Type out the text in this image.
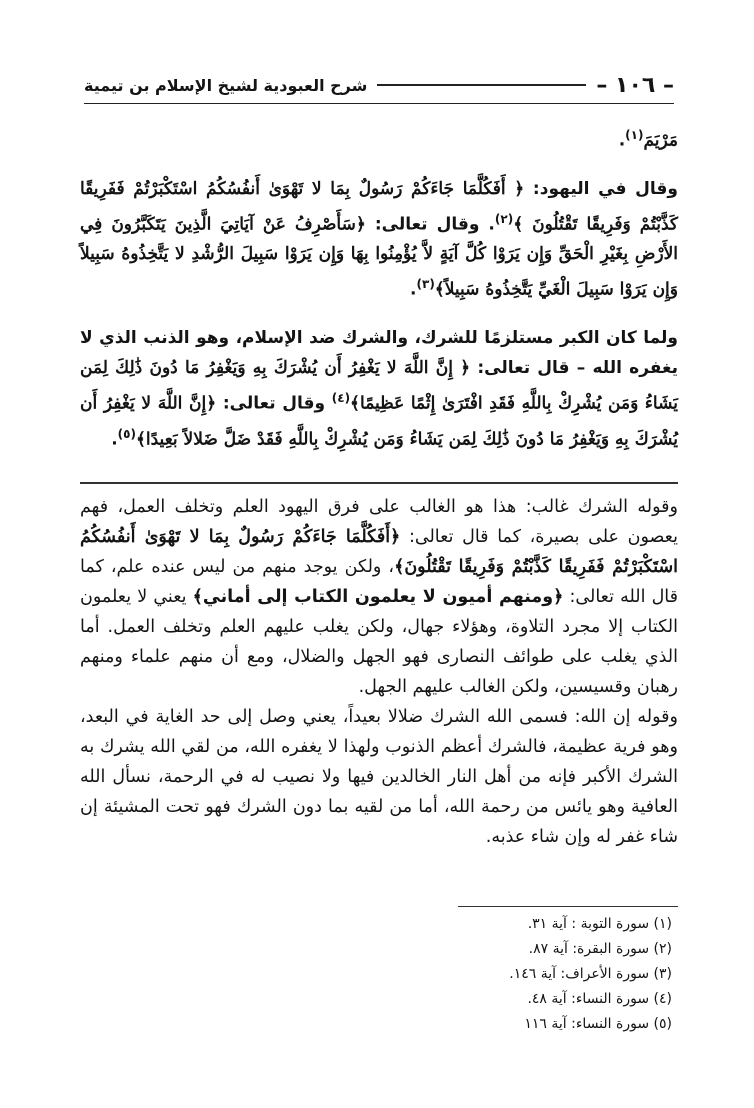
– ١٠٦ –
شرح العبودية لشيخ الإسلام بن تيمية

مَرْيَمَ$^{(١)}$.

وقال في اليهود: ﴿ أَفَكُلَّمَا جَاءَكُمْ رَسُولٌ بِمَا لا تَهْوَىٰ أَنفُسُكُمُ اسْتَكْبَرْتُمْ فَفَرِيقًا كَذَّبْتُمْ وَفَرِيقًا تَقْتُلُونَ ﴾$^{(٢)}$. وقال تعالى: ﴿سَأَصْرِفُ عَنْ آيَاتِيَ الَّذِينَ يَتَكَبَّرُونَ فِي الأَرْضِ بِغَيْرِ الْحَقِّ وَإِن يَرَوْا كُلَّ آيَةٍ لاَّ يُؤْمِنُوا بِهَا وَإِن يَرَوْا سَبِيلَ الرُّشْدِ لا يَتَّخِذُوهُ سَبِيلاً وَإِن يَرَوْا سَبِيلَ الْغَيِّ يَتَّخِذُوهُ سَبِيلاً﴾$^{(٣)}$.

ولما كان الكبر مستلزمًا للشرك، والشرك ضد الإسلام، وهو الذنب الذي لا يغفره الله – قال تعالى: ﴿ إِنَّ اللَّهَ لا يَغْفِرُ أَن يُشْرَكَ بِهِ وَيَغْفِرُ مَا دُونَ ذَٰلِكَ لِمَن يَشَاءُ وَمَن يُشْرِكْ بِاللَّهِ فَقَدِ افْتَرَىٰ إِثْمًا عَظِيمًا﴾$^{(٤)}$ وقال تعالى: ﴿إِنَّ اللَّهَ لا يَغْفِرُ أَن يُشْرَكَ بِهِ وَيَغْفِرُ مَا دُونَ ذَٰلِكَ لِمَن يَشَاءُ وَمَن يُشْرِكْ بِاللَّهِ فَقَدْ ضَلَّ ضَلالاً بَعِيدًا﴾$^{(٥)}$.

وقوله الشرك غالب: هذا هو الغالب على فرق اليهود العلم وتخلف العمل، فهم يعصون على بصيرة، كما قال تعالى: ﴿أَفَكُلَّمَا جَاءَكُمْ رَسُولٌ بِمَا لا تَهْوَىٰ أَنفُسُكُمُ اسْتَكْبَرْتُمْ فَفَرِيقًا كَذَّبْتُمْ وَفَرِيقًا تَقْتُلُونَ﴾، ولكن يوجد منهم من ليس عنده علم، كما قال الله تعالى: ﴿ومنهم أميون لا يعلمون الكتاب إلى أماني﴾ يعني لا يعلمون الكتاب إلا مجرد التلاوة، وهؤلاء جهال، ولكن يغلب عليهم العلم وتخلف العمل. أما الذي يغلب على طوائف النصارى فهو الجهل والضلال، ومع أن منهم علماء ومنهم رهبان وقسيسين، ولكن الغالب عليهم الجهل.

وقوله إن الله: فسمى الله الشرك ضلالا بعيداً، يعني وصل إلى حد الغاية في البعد، وهو فرية عظيمة، فالشرك أعظم الذنوب ولهذا لا يغفره الله، من لقي الله يشرك به الشرك الأكبر فإنه من أهل النار الخالدين فيها ولا نصيب له في الرحمة، نسأل الله العافية وهو يائس من رحمة الله، أما من لقيه بما دون الشرك فهو تحت المشيئة إن شاء غفر له وإن شاء عذبه.

(١) سورة التوبة : آية ٣١.
(٢) سورة البقرة: آية ٨٧.
(٣) سورة الأعراف: آية ١٤٦.
(٤) سورة النساء: آية ٤٨.
(٥) سورة النساء: آية ١١٦
